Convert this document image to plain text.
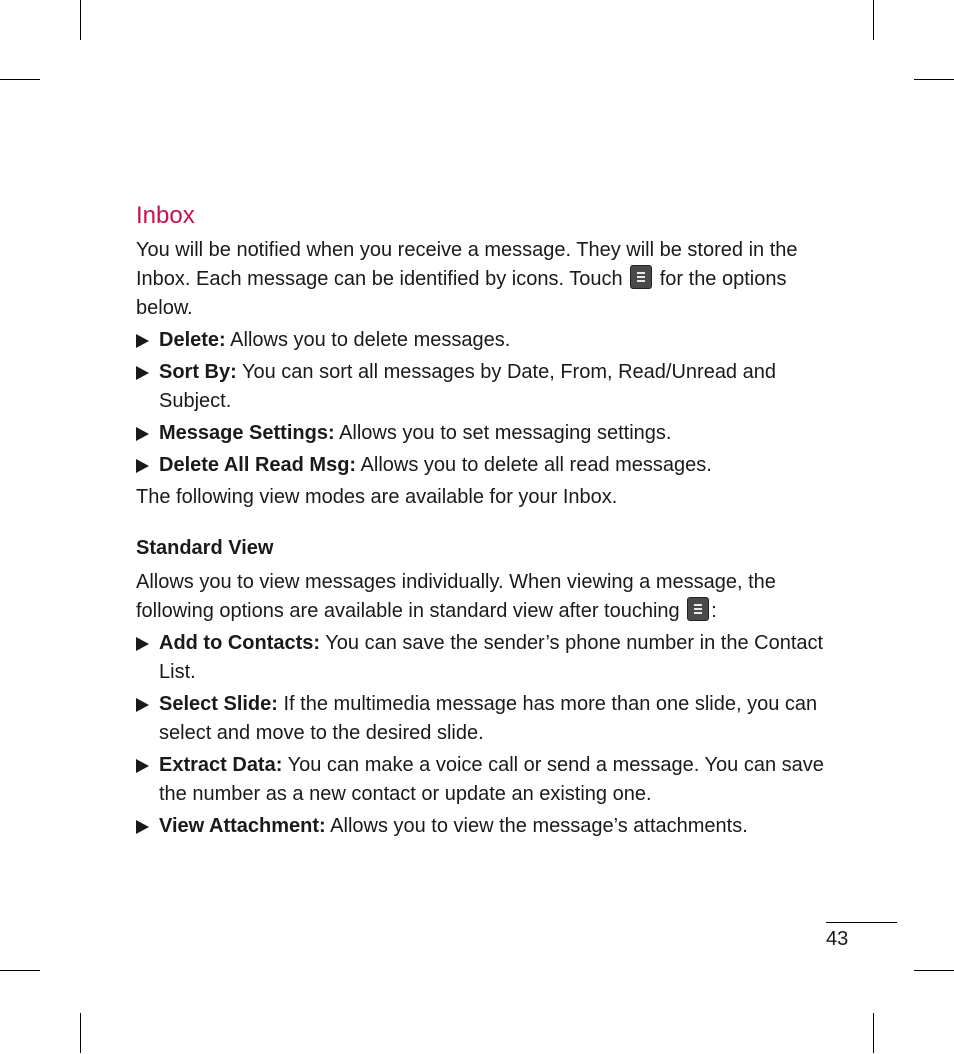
Inbox

You will be notified when you receive a message. They will be stored in the Inbox. Each message can be identified by icons. Touch for the options below.

Delete: Allows you to delete messages.
Sort By: You can sort all messages by Date, From, Read/Unread and Subject.
Message Settings: Allows you to set messaging settings.
Delete All Read Msg: Allows you to delete all read messages.

The following view modes are available for your Inbox.

Standard View

Allows you to view messages individually. When viewing a message, the following options are available in standard view after touching :

Add to Contacts: You can save the sender’s phone number in the Contact List.
Select Slide: If the multimedia message has more than one slide, you can select and move to the desired slide.
Extract Data: You can make a voice call or send a message. You can save the number as a new contact or update an existing one.
View Attachment: Allows you to view the message’s attachments.
43
